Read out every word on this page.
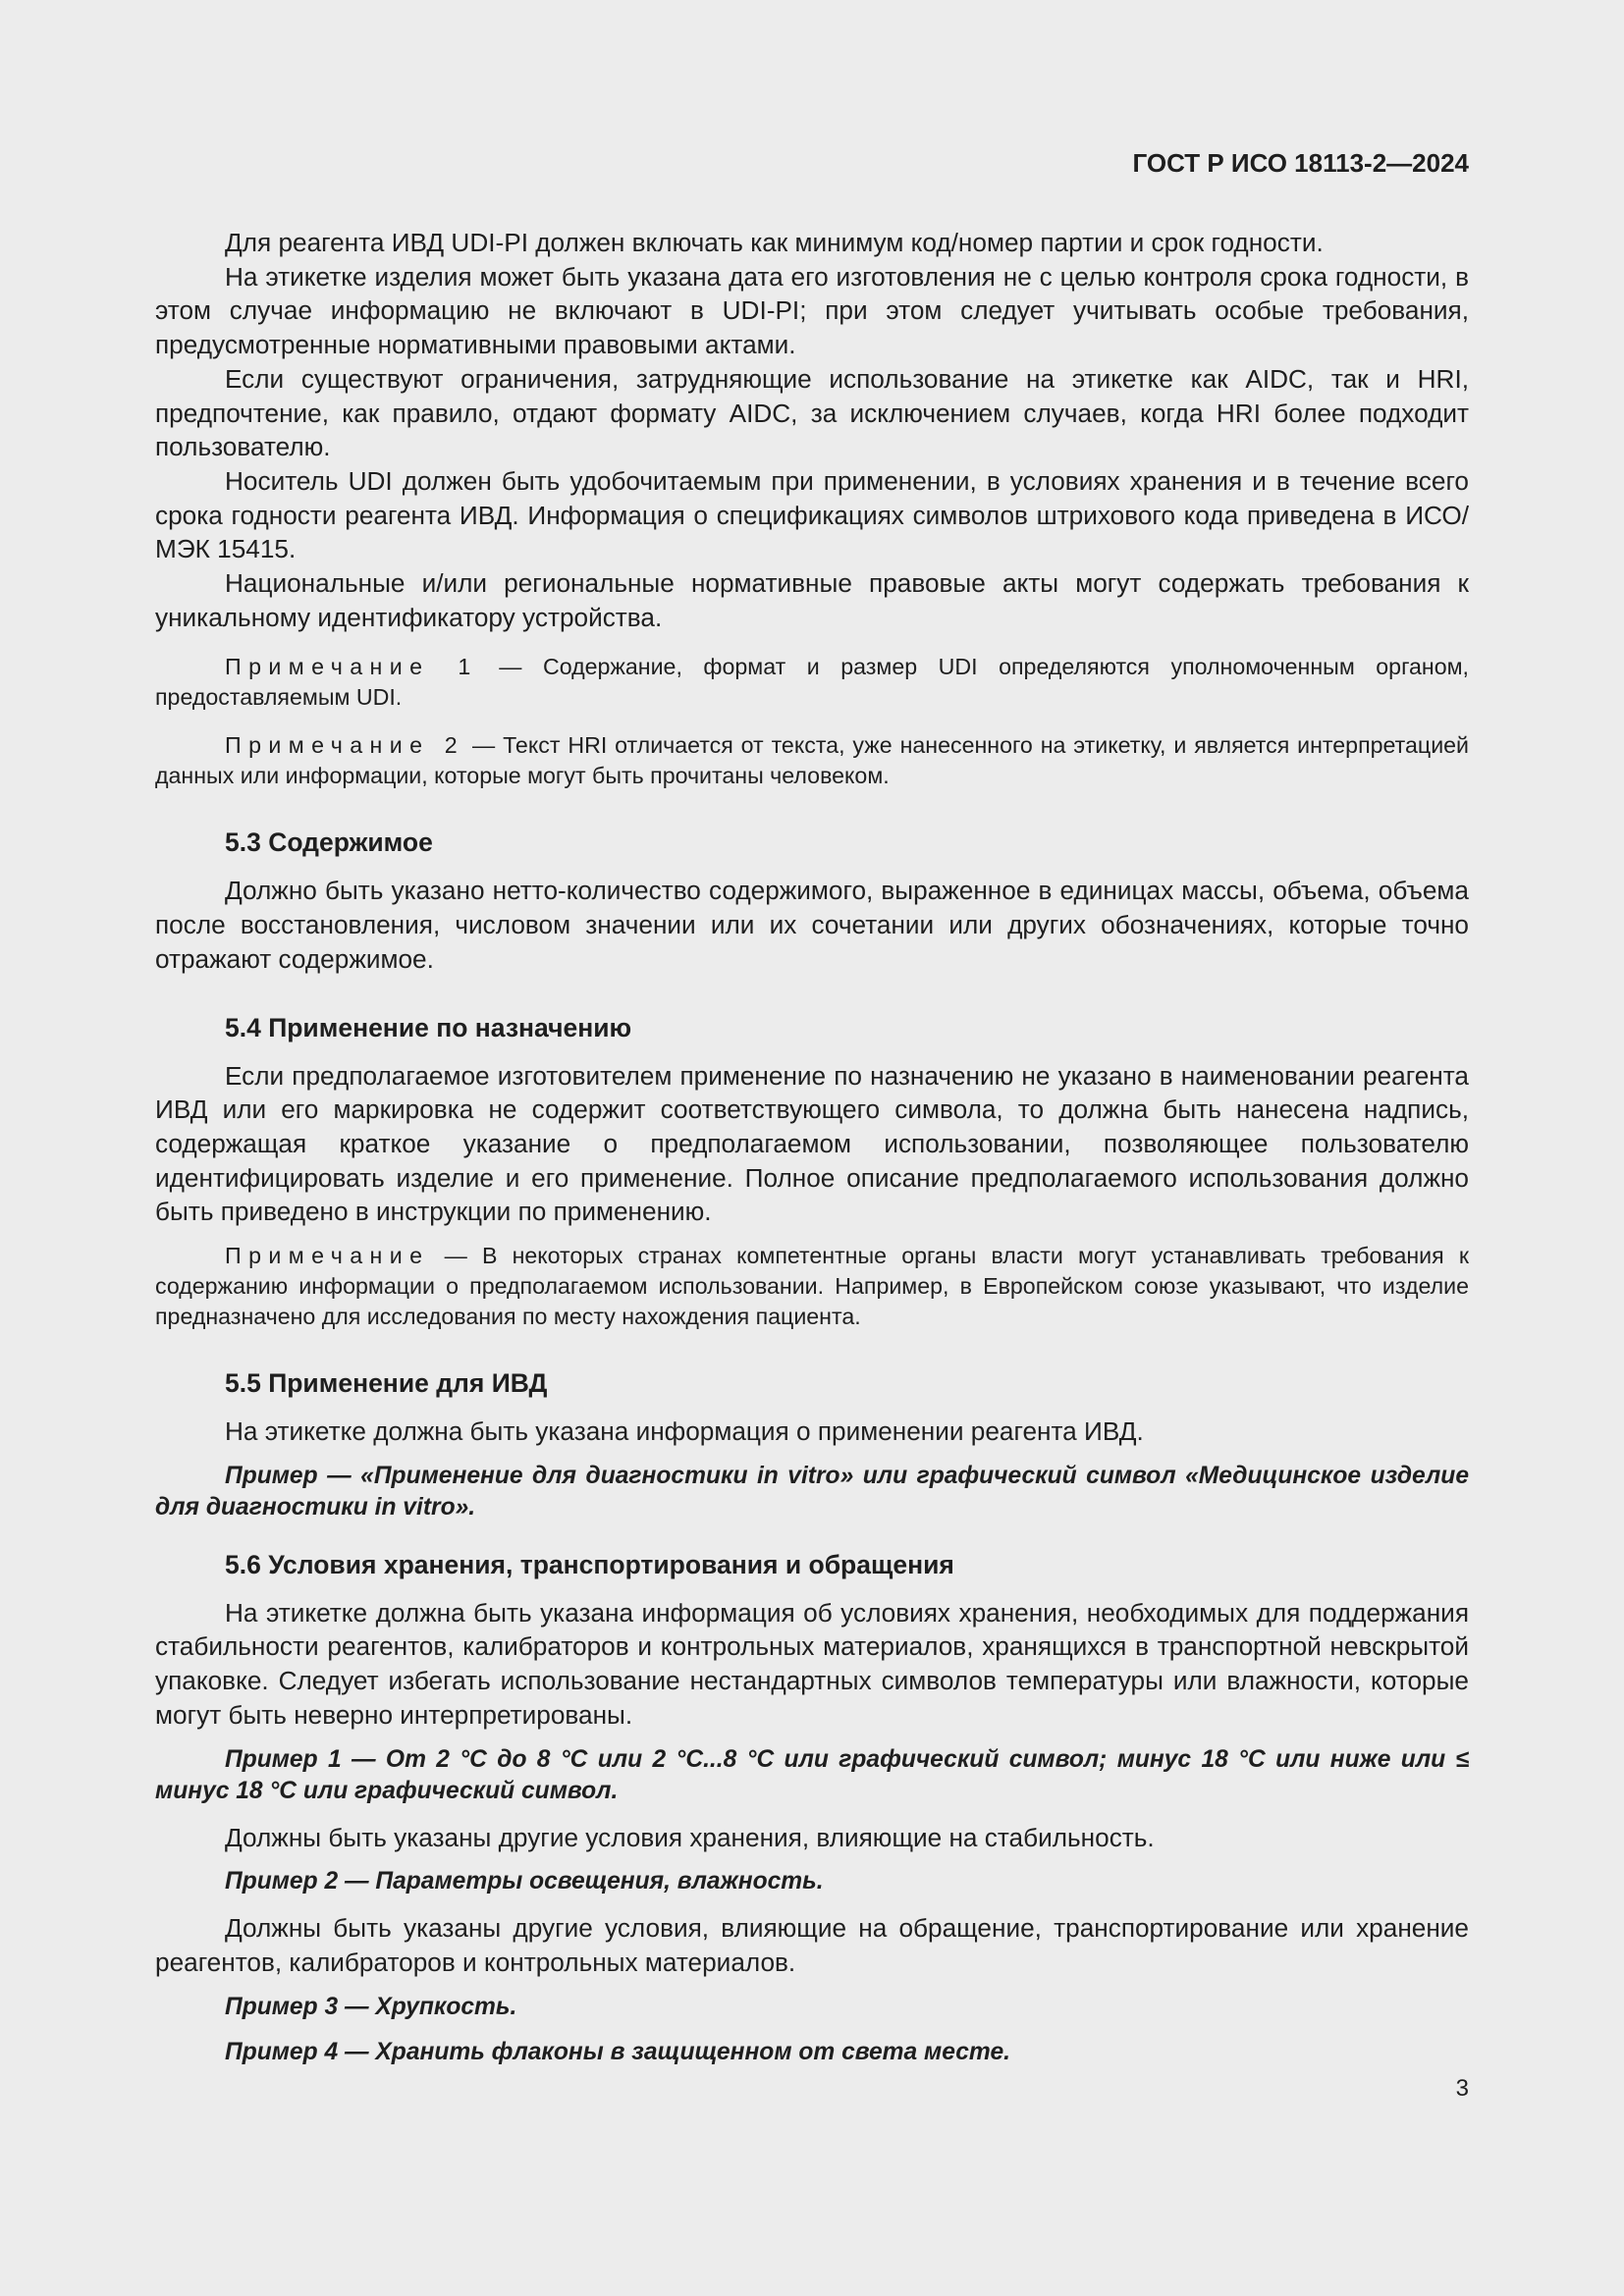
ГОСТ Р ИСО 18113-2—2024

Для реагента ИВД UDI-PI должен включать как минимум код/номер партии и срок годности.

На этикетке изделия может быть указана дата его изготовления не с целью контроля срока годности, в этом случае информацию не включают в UDI-PI; при этом следует учитывать особые требования, предусмотренные нормативными правовыми актами.

Если существуют ограничения, затрудняющие использование на этикетке как AIDC, так и HRI, предпочтение, как правило, отдают формату AIDC, за исключением случаев, когда HRI более подходит пользователю.

Носитель UDI должен быть удобочитаемым при применении, в условиях хранения и в течение всего срока годности реагента ИВД. Информация о спецификациях символов штрихового кода приведена в ИСО/МЭК 15415.

Национальные и/или региональные нормативные правовые акты могут содержать требования к уникальному идентификатору устройства.

Примечание 1 — Содержание, формат и размер UDI определяются уполномоченным органом, предоставляемым UDI.

Примечание 2 — Текст HRI отличается от текста, уже нанесенного на этикетку, и является интерпретацией данных или информации, которые могут быть прочитаны человеком.

5.3 Содержимое

Должно быть указано нетто-количество содержимого, выраженное в единицах массы, объема, объема после восстановления, числовом значении или их сочетании или других обозначениях, которые точно отражают содержимое.

5.4 Применение по назначению

Если предполагаемое изготовителем применение по назначению не указано в наименовании реагента ИВД или его маркировка не содержит соответствующего символа, то должна быть нанесена надпись, содержащая краткое указание о предполагаемом использовании, позволяющее пользователю идентифицировать изделие и его применение. Полное описание предполагаемого использования должно быть приведено в инструкции по применению.

Примечание — В некоторых странах компетентные органы власти могут устанавливать требования к содержанию информации о предполагаемом использовании. Например, в Европейском союзе указывают, что изделие предназначено для исследования по месту нахождения пациента.

5.5 Применение для ИВД

На этикетке должна быть указана информация о применении реагента ИВД.

Пример — «Применение для диагностики in vitro» или графический символ «Медицинское изделие для диагностики in vitro».

5.6 Условия хранения, транспортирования и обращения

На этикетке должна быть указана информация об условиях хранения, необходимых для поддержания стабильности реагентов, калибраторов и контрольных материалов, хранящихся в транспортной невскрытой упаковке. Следует избегать использование нестандартных символов температуры или влажности, которые могут быть неверно интерпретированы.

Пример 1 — От 2 °С до 8 °С или 2 °С...8 °С или графический символ; минус 18 °С или ниже или ≤ минус 18 °С или графический символ.

Должны быть указаны другие условия хранения, влияющие на стабильность.

Пример 2 — Параметры освещения, влажность.

Должны быть указаны другие условия, влияющие на обращение, транспортирование или хранение реагентов, калибраторов и контрольных материалов.

Пример 3 — Хрупкость.

Пример 4 — Хранить флаконы в защищенном от света месте.

3
